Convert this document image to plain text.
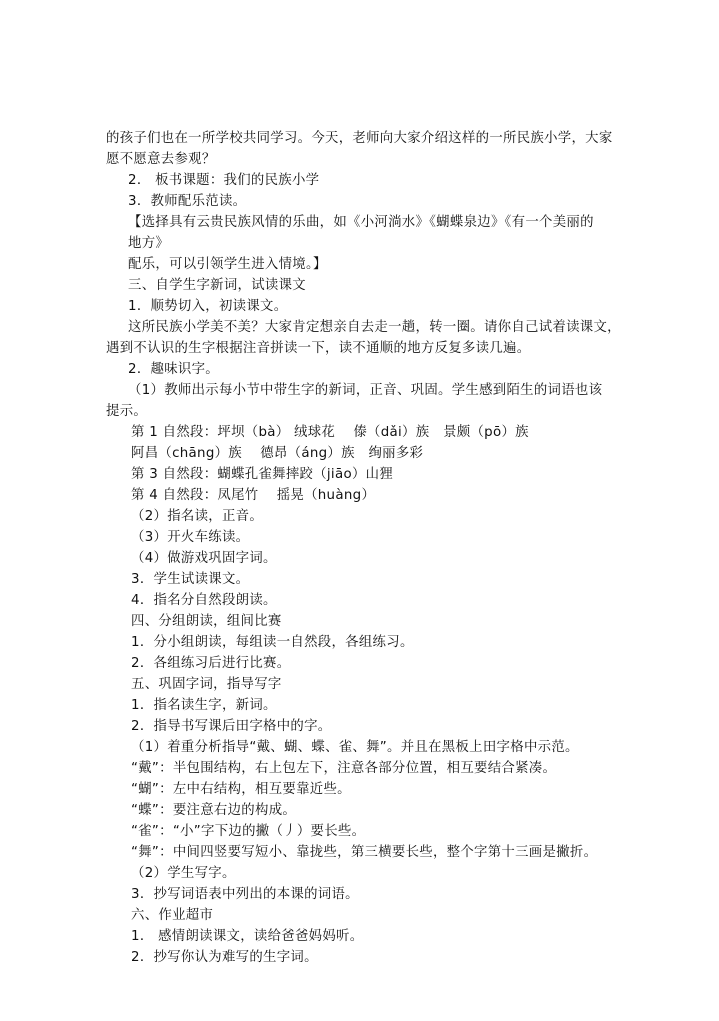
的孩子们也在一所学校共同学习。今天，老师向大家介绍这样的一所民族小学，大家
愿不愿意去参观？
2． 板书课题：我们的民族小学
3．教师配乐范读。
【选择具有云贵民族风情的乐曲，如《小河淌水》《蝴蝶泉边》《有一个美丽的
地方》
配乐，可以引领学生进入情境。】
三、自学生字新词，试读课文
1．顺势切入，初读课文。
这所民族小学美不美？大家肯定想亲自去走一趟，转一圈。请你自己试着读课文，
遇到不认识的生字根据注音拼读一下，读不通顺的地方反复多读几遍。
2．趣味识字。
（1）教师出示每小节中带生字的新词，正音、巩固。学生感到陌生的词语也该
提示。
第 1 自然段：坪坝（bà） 绒球花　 傣（dǎi）族　景颇（pō）族
阿昌（chāng）族　 德昂（áng）族　绚丽多彩
第 3 自然段：蝴蝶孔雀舞摔跤（jiāo）山狸
第 4 自然段：凤尾竹　 摇晃（huàng）
（2）指名读，正音。
（3）开火车练读。
（4）做游戏巩固字词。
3．学生试读课文。
4．指名分自然段朗读。
四、分组朗读，组间比赛
1．分小组朗读，每组读一自然段，各组练习。
2．各组练习后进行比赛。
五、巩固字词，指导写字
1．指名读生字，新词。
2．指导书写课后田字格中的字。
（1）着重分析指导“戴、蝴、蝶、雀、舞”。并且在黑板上田字格中示范。
“戴”：半包围结构，右上包左下，注意各部分位置，相互要结合紧凑。
“蝴”：左中右结构，相互要靠近些。
“蝶”：要注意右边的构成。
“雀”：“小”字下边的撇（丿）要长些。
“舞”：中间四竖要写短小、靠拢些，第三横要长些，整个字第十三画是撇折。
（2）学生写字。
3．抄写词语表中列出的本课的词语。
六、作业超市
1． 感情朗读课文，读给爸爸妈妈听。
2．抄写你认为难写的生字词。
